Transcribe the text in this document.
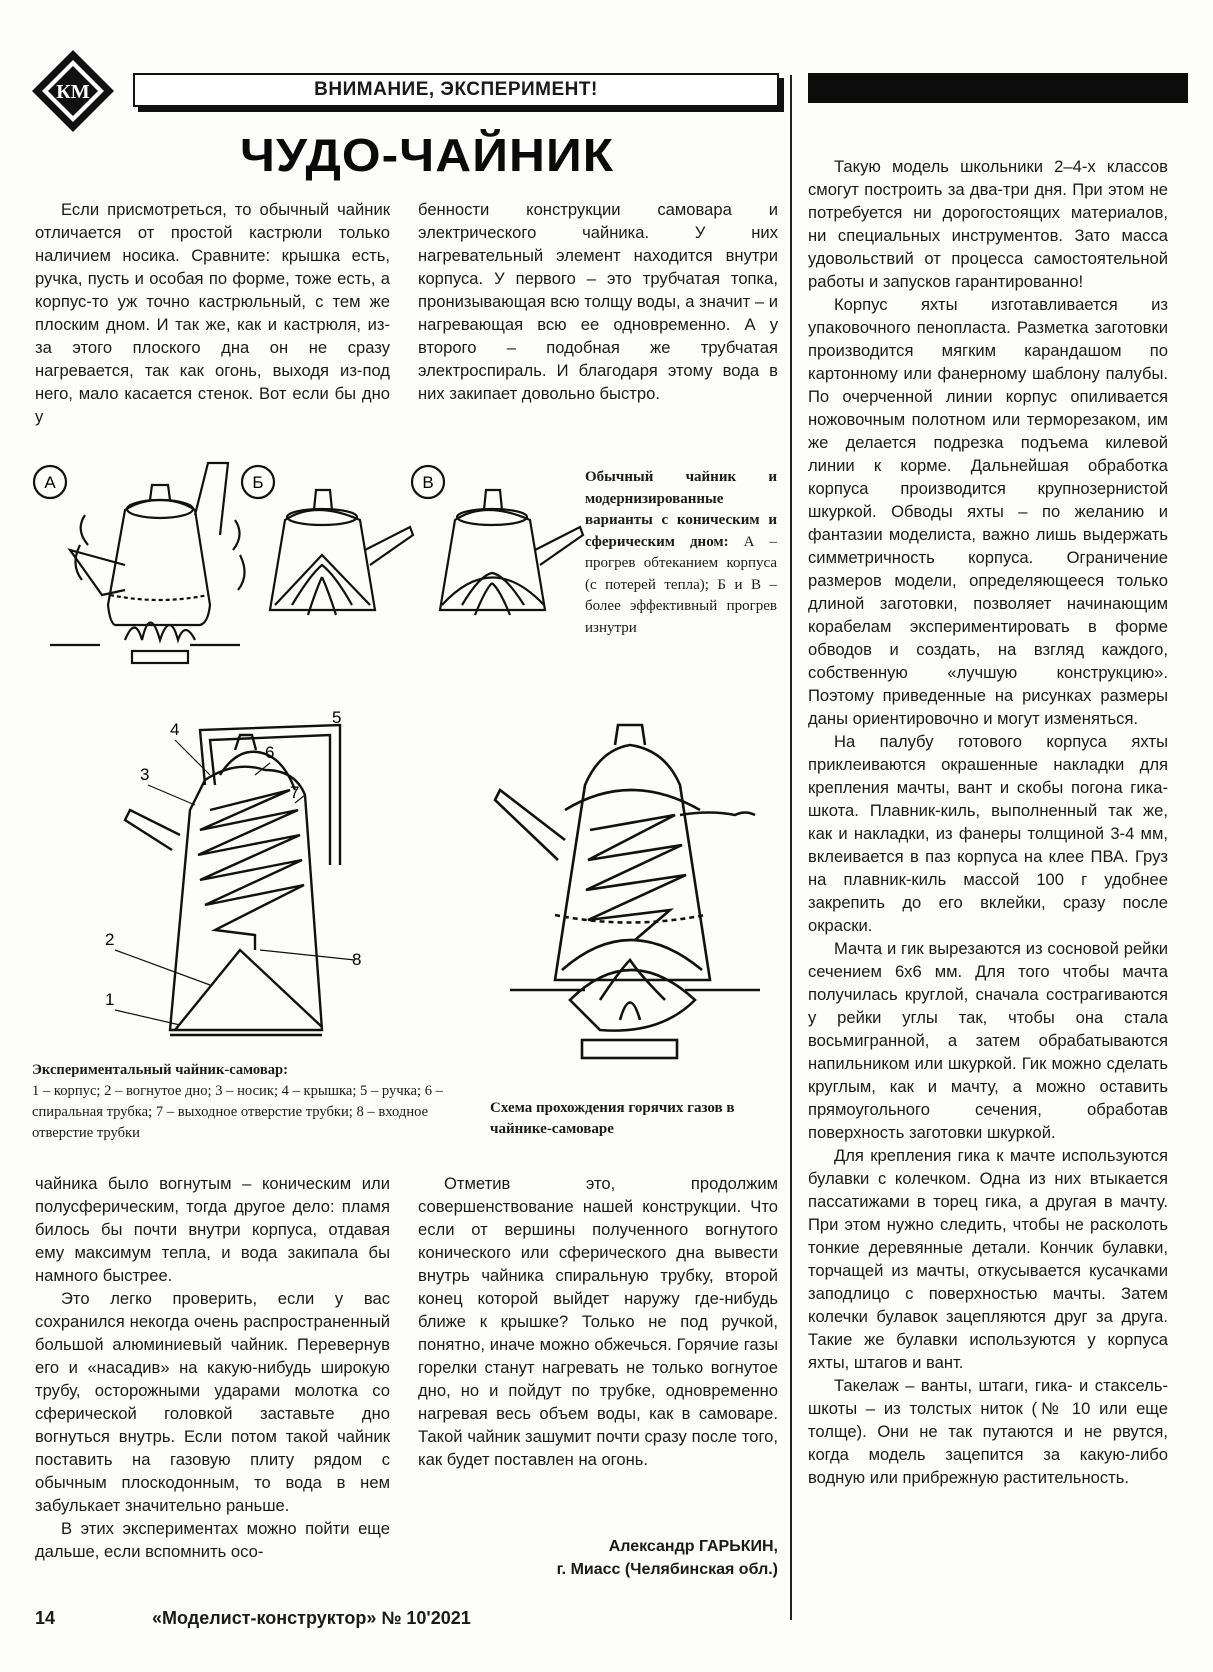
КМ	ВНИМАНИЕ, ЭКСПЕРИМЕНТ!
ЧУДО-ЧАЙНИК

Если присмотреться, то обычный чайник отличается от простой кастрюли только наличием носика. Сравните: крышка есть, ручка, пусть и особая по форме, тоже есть, а корпус-то уж точно кастрюльный, с тем же плоским дном. И так же, как и кастрюля, из-за этого плоского дна он не сразу нагревается, так как огонь, выходя из-под него, мало касается стенок. Вот если бы дно у

бенности конструкции самовара и электрического чайника. У них нагревательный элемент находится внутри корпуса. У первого – это трубчатая топка, пронизывающая всю толщу воды, а значит – и нагревающая всю ее одновременно. А у второго – подобная же трубчатая электроспираль. И благодаря этому вода в них закипает довольно быстро.

Такую модель школьники 2–4-х классов смогут построить за два-три дня. При этом не потребуется ни дорогостоящих материалов, ни специальных инструментов. Зато масса удовольствий от процесса самостоятельной работы и запусков гарантированно!

Корпус яхты изготавливается из упаковочного пенопласта. Разметка заготовки производится мягким карандашом по картонному или фанерному шаблону палубы. По очерченной линии корпус опиливается ножовочным полотном или терморезаком, им же делается подрезка подъема килевой линии к корме. Дальнейшая обработка корпуса производится крупнозернистой шкуркой. Обводы яхты – по желанию и фантазии моделиста, важно лишь выдержать симметричность корпуса. Ограничение размеров модели, определяющееся только длиной заготовки, позволяет начинающим корабелам экспериментировать в форме обводов и создать, на взгляд каждого, собственную «лучшую конструкцию». Поэтому приведенные на рисунках размеры даны ориентировочно и могут изменяться.

На палубу готового корпуса яхты приклеиваются окрашенные накладки для крепления мачты, вант и скобы погона гика-шкота. Плавник-киль, выполненный так же, как и накладки, из фанеры толщиной 3-4 мм, вклеивается в паз корпуса на клее ПВА. Груз на плавник-киль массой 100 г удобнее закрепить до его вклейки, сразу после окраски.

Мачта и гик вырезаются из сосновой рейки сечением 6х6 мм. Для того чтобы мачта получилась круглой, сначала сострагиваются у рейки углы так, чтобы она стала восьмигранной, а затем обрабатываются напильником или шкуркой. Гик можно сделать круглым, как и мачту, а можно оставить прямоугольного сечения, обработав поверхность заготовки шкуркой.

Для крепления гика к мачте используются булавки с колечком. Одна из них втыкается пассатижами в торец гика, а другая в мачту. При этом нужно следить, чтобы не расколоть тонкие деревянные детали. Кончик булавки, торчащей из мачты, откусывается кусачками заподлицо с поверхностью мачты. Затем колечки булавок зацепляются друг за друга. Такие же булавки используются у корпуса яхты, штагов и вант.

Такелаж – ванты, штаги, гика- и стаксель-шкоты – из толстых ниток (№ 10 или еще толще). Они не так путаются и не рвутся, когда модель зацепится за какую-либо водную или прибрежную растительность.

чайника было вогнутым – коническим или полусферическим, тогда другое дело: пламя билось бы почти внутри корпуса, отдавая ему максимум тепла, и вода закипала бы намного быстрее.

Это легко проверить, если у вас сохранился некогда очень распространенный большой алюминиевый чайник. Перевернув его и «насадив» на какую-нибудь широкую трубу, осторожными ударами молотка со сферической головкой заставьте дно вогнуться внутрь. Если потом такой чайник поставить на газовую плиту рядом с обычным плоскодонным, то вода в нем забулькает значительно раньше.

В этих экспериментах можно пойти еще дальше, если вспомнить осо-

Отметив это, продолжим совершенствование нашей конструкции. Что если от вершины полученного вогнутого конического или сферического дна вывести внутрь чайника спиральную трубку, второй конец которой выйдет наружу где-нибудь ближе к крышке? Только не под ручкой, понятно, иначе можно обжечься. Горячие газы горелки станут нагревать не только вогнутое дно, но и пойдут по трубке, одновременно нагревая весь объем воды, как в самоваре. Такой чайник зашумит почти сразу после того, как будет поставлен на огонь.

А	Б	В	Обычный чайник и модернизированные варианты с коническим и сферическим дном: А – прогрев обтеканием корпуса (с потерей тепла); Б и В – более эффективный прогрев изнутри
5
4
6
3
7
2
8
1
Экспериментальный чайник-самовар:
1 – корпус; 2 – вогнутое дно; 3 – носик; 4 – крышка; 5 – ручка; 6 – спиральная трубка; 7 – выходное отверстие трубки; 8 – входное отверстие трубки
Схема прохождения горячих газов в чайнике-самоваре
Александр ГАРЬКИН,
г. Миасс (Челябинская обл.)
14	«Моделист-конструктор» № 10'2021
